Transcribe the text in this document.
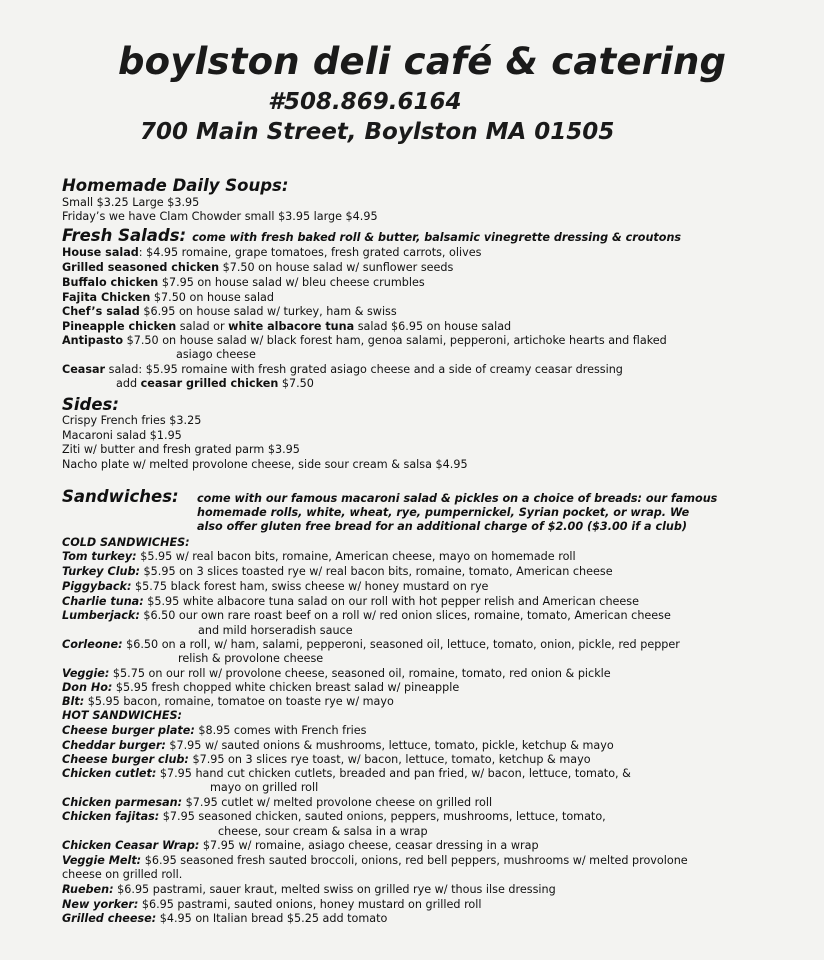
boylston deli café & catering
#508.869.6164
700 Main Street, Boylston MA 01505
Homemade Daily Soups:
Small $3.25 Large $3.95
Friday’s we have Clam Chowder small $3.95 large $4.95
Fresh Salads: come with fresh baked roll & butter, balsamic vinegrette dressing & croutons
House salad: $4.95 romaine, grape tomatoes, fresh grated carrots, olives
Grilled seasoned chicken $7.50 on house salad w/ sunflower seeds
Buffalo chicken $7.95 on house salad w/ bleu cheese crumbles
Fajita Chicken $7.50 on house salad
Chef’s salad $6.95 on house salad w/ turkey, ham & swiss
Pineapple chicken salad or white albacore tuna salad $6.95 on house salad
Antipasto $7.50 on house salad w/ black forest ham, genoa salami, pepperoni, artichoke hearts and flaked
asiago cheese
Ceasar salad: $5.95 romaine with fresh grated asiago cheese and a side of creamy ceasar dressing
add ceasar grilled chicken $7.50
Sides:
Crispy French fries $3.25
Macaroni salad $1.95
Ziti w/ butter and fresh grated parm $3.95
Nacho plate w/ melted provolone cheese, side sour cream & salsa $4.95
Sandwiches: come with our famous macaroni salad & pickles on a choice of breads: our famous
homemade rolls, white, wheat, rye, pumpernickel, Syrian pocket, or wrap. We
also offer gluten free bread for an additional charge of $2.00 ($3.00 if a club)
COLD SANDWICHES:
Tom turkey: $5.95 w/ real bacon bits, romaine, American cheese, mayo on homemade roll
Turkey Club: $5.95 on 3 slices toasted rye w/ real bacon bits, romaine, tomato, American cheese
Piggyback: $5.75 black forest ham, swiss cheese w/ honey mustard on rye
Charlie tuna: $5.95 white albacore tuna salad on our roll with hot pepper relish and American cheese
Lumberjack: $6.50 our own rare roast beef on a roll w/ red onion slices, romaine, tomato, American cheese
and mild horseradish sauce
Corleone: $6.50 on a roll, w/ ham, salami, pepperoni, seasoned oil, lettuce, tomato, onion, pickle, red pepper
relish & provolone cheese
Veggie: $5.75 on our roll w/ provolone cheese, seasoned oil, romaine, tomato, red onion & pickle
Don Ho: $5.95 fresh chopped white chicken breast salad w/ pineapple
Blt: $5.95 bacon, romaine, tomatoe on toaste rye w/ mayo
HOT SANDWICHES:
Cheese burger plate: $8.95 comes with French fries
Cheddar burger: $7.95 w/ sauted onions & mushrooms, lettuce, tomato, pickle, ketchup & mayo
Cheese burger club: $7.95 on 3 slices rye toast, w/ bacon, lettuce, tomato, ketchup & mayo
Chicken cutlet: $7.95 hand cut chicken cutlets, breaded and pan fried, w/ bacon, lettuce, tomato, &
mayo on grilled roll
Chicken parmesan: $7.95 cutlet w/ melted provolone cheese on grilled roll
Chicken fajitas: $7.95 seasoned chicken, sauted onions, peppers, mushrooms, lettuce, tomato,
cheese, sour cream & salsa in a wrap
Chicken Ceasar Wrap: $7.95 w/ romaine, asiago cheese, ceasar dressing in a wrap
Veggie Melt: $6.95 seasoned fresh sauted broccoli, onions, red bell peppers, mushrooms w/ melted provolone
cheese on grilled roll.
Rueben: $6.95 pastrami, sauer kraut, melted swiss on grilled rye w/ thous ilse dressing
New yorker: $6.95 pastrami, sauted onions, honey mustard on grilled roll
Grilled cheese: $4.95 on Italian bread $5.25 add tomato
